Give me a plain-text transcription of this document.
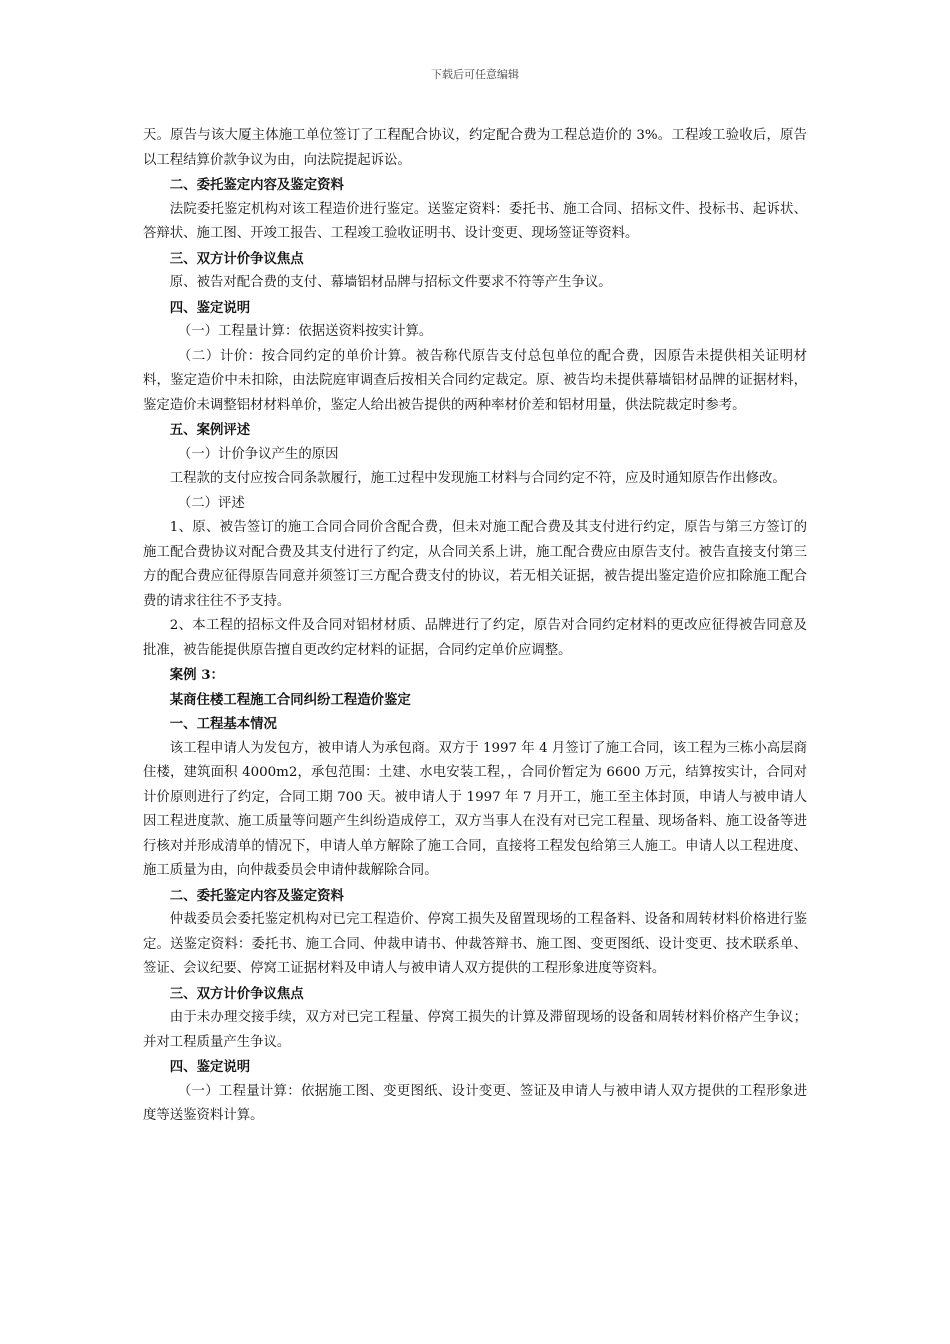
下载后可任意编辑

天。原告与该大厦主体施工单位签订了工程配合协议，约定配合费为工程总造价的 3%。工程竣工验收后，原告以工程结算价款争议为由，向法院提起诉讼。

二、委托鉴定内容及鉴定资料

法院委托鉴定机构对该工程造价进行鉴定。送鉴定资料：委托书、施工合同、招标文件、投标书、起诉状、答辩状、施工图、开竣工报告、工程竣工验收证明书、设计变更、现场签证等资料。

三、双方计价争议焦点

原、被告对配合费的支付、幕墙铝材品牌与招标文件要求不符等产生争议。

四、鉴定说明

（一）工程量计算：依据送资料按实计算。

（二）计价：按合同约定的单价计算。被告称代原告支付总包单位的配合费，因原告未提供相关证明材料，鉴定造价中未扣除，由法院庭审调查后按相关合同约定裁定。原、被告均未提供幕墙铝材品牌的证据材料，鉴定造价未调整铝材材料单价，鉴定人给出被告提供的两种率材价差和铝材用量，供法院裁定时参考。

五、案例评述

（一）计价争议产生的原因

工程款的支付应按合同条款履行，施工过程中发现施工材料与合同约定不符，应及时通知原告作出修改。

（二）评述

1、原、被告签订的施工合同合同价含配合费，但未对施工配合费及其支付进行约定，原告与第三方签订的施工配合费协议对配合费及其支付进行了约定，从合同关系上讲，施工配合费应由原告支付。被告直接支付第三方的配合费应征得原告同意并须签订三方配合费支付的协议，若无相关证据，被告提出鉴定造价应扣除施工配合费的请求往往不予支持。

2、本工程的招标文件及合同对铝材材质、品牌进行了约定，原告对合同约定材料的更改应征得被告同意及批准，被告能提供原告擅自更改约定材料的证据，合同约定单价应调整。

案例 3：

某商住楼工程施工合同纠纷工程造价鉴定

一、工程基本情况

该工程申请人为发包方，被申请人为承包商。双方于 1997 年 4 月签订了施工合同，该工程为三栋小高层商住楼，建筑面积 4000m2，承包范围：土建、水电安装工程，，合同价暂定为 6600 万元，结算按实计，合同对计价原则进行了约定，合同工期 700 天。被申请人于 1997 年 7 月开工，施工至主体封顶，申请人与被申请人因工程进度款、施工质量等问题产生纠纷造成停工，双方当事人在没有对已完工程量、现场备料、施工设备等进行核对并形成清单的情况下，申请人单方解除了施工合同，直接将工程发包给第三人施工。申请人以工程进度、施工质量为由，向仲裁委员会申请仲裁解除合同。

二、委托鉴定内容及鉴定资料

仲裁委员会委托鉴定机构对已完工程造价、停窝工损失及留置现场的工程备料、设备和周转材料价格进行鉴定。送鉴定资料：委托书、施工合同、仲裁申请书、仲裁答辩书、施工图、变更图纸、设计变更、技术联系单、签证、会议纪要、停窝工证据材料及申请人与被申请人双方提供的工程形象进度等资料。

三、双方计价争议焦点

由于未办理交接手续，双方对已完工程量、停窝工损失的计算及滞留现场的设备和周转材料价格产生争议；并对工程质量产生争议。

四、鉴定说明

（一）工程量计算：依据施工图、变更图纸、设计变更、签证及申请人与被申请人双方提供的工程形象进度等送鉴资料计算。
